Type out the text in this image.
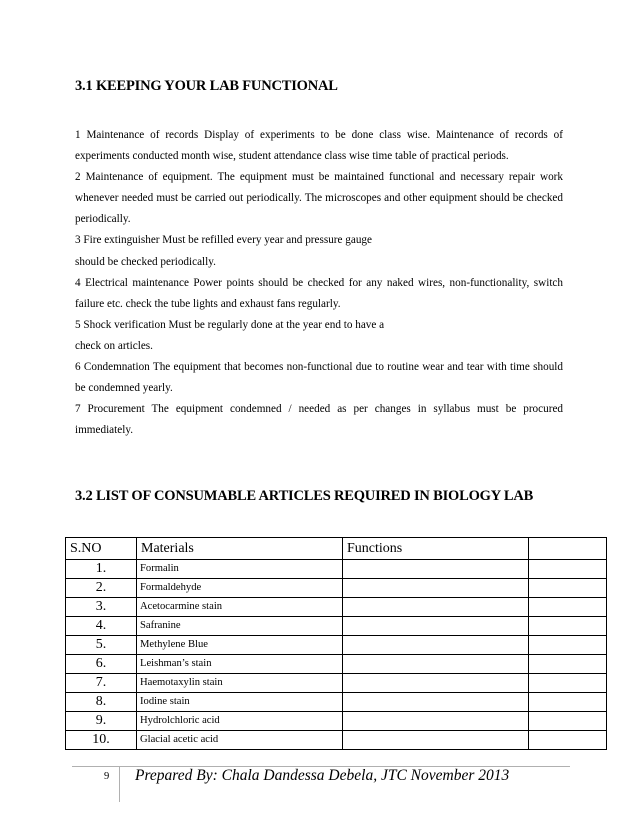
3.1 KEEPING YOUR LAB FUNCTIONAL

1 Maintenance of records Display of experiments to be done class wise. Maintenance of records of experiments conducted month wise, student attendance class wise time table of practical periods.

2 Maintenance of equipment. The equipment must be maintained functional and necessary repair work whenever needed must be carried out periodically. The microscopes and other equipment should be checked periodically.

3 Fire extinguisher Must be refilled every year and pressure gauge

should be checked periodically.

4 Electrical maintenance Power points should be checked for any naked wires, non-functionality, switch failure etc. check the tube lights and exhaust fans regularly.

5 Shock verification Must be regularly done at the year end to have a

check on articles.

6 Condemnation The equipment that becomes non-functional due to routine wear and tear with time should be condemned yearly.

7 Procurement The equipment condemned / needed as per changes in syllabus must be procured immediately.

3.2 LIST OF CONSUMABLE ARTICLES REQUIRED IN BIOLOGY LAB
S.NO	Materials	Functions	
1.	Formalin		
2.	Formaldehyde		
3.	Acetocarmine stain		
4.	Safranine		
5.	Methylene Blue		
6.	Leishman’s stain		
7.	Haemotaxylin stain		
8.	Iodine stain		
9.	Hydrolchloric acid		
10.	Glacial acetic acid		
9 Prepared By: Chala Dandessa Debela, JTC November 2013
